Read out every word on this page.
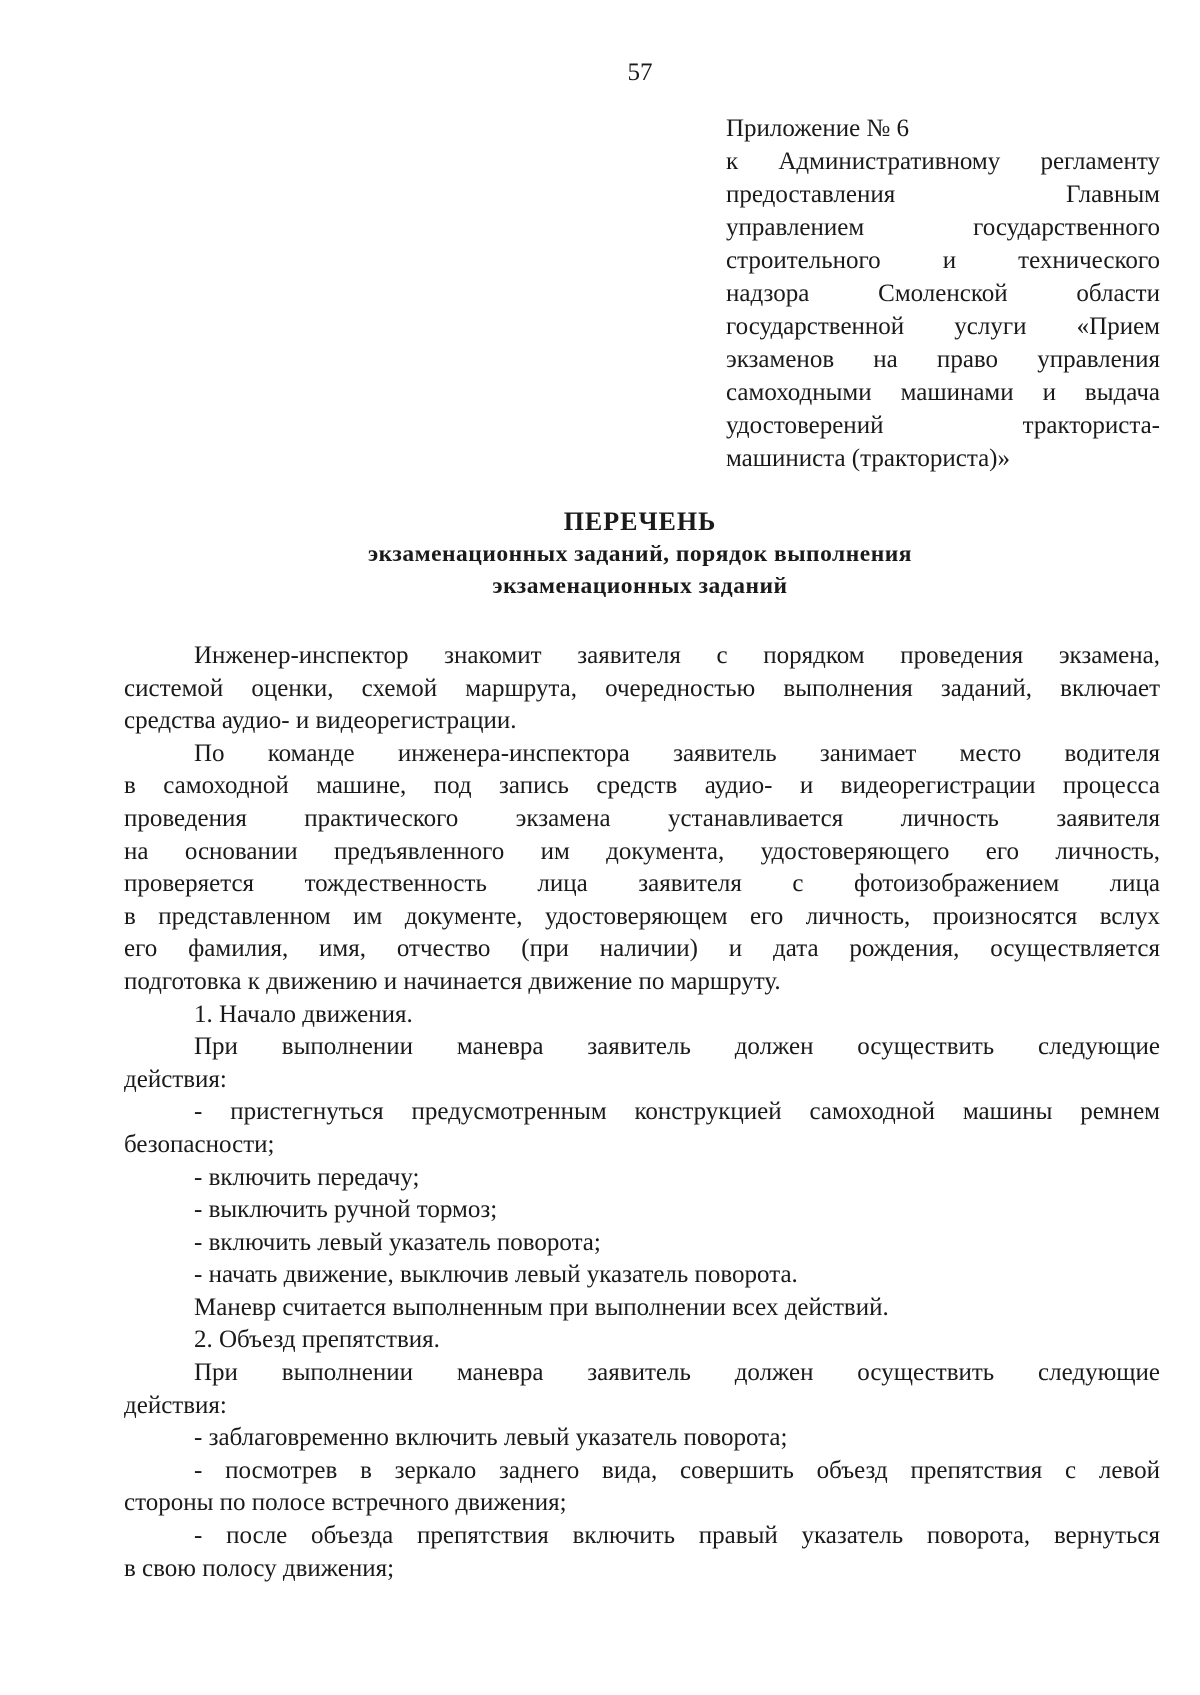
57
Приложение № 6
к Административному регламенту
предоставления Главным
управлением государственного
строительного и технического
надзора Смоленской области
государственной услуги «Прием
экзаменов на право управления
самоходными машинами и выдача
удостоверений тракториста-
машиниста (тракториста)»
ПЕРЕЧЕНЬ
экзаменационных заданий, порядок выполнения
экзаменационных заданий
Инженер-инспектор знакомит заявителя с порядком проведения экзамена,
системой оценки, схемой маршрута, очередностью выполнения заданий, включает
средства аудио- и видеорегистрации.
По команде инженера-инспектора заявитель занимает место водителя
в самоходной машине, под запись средств аудио- и видеорегистрации процесса
проведения практического экзамена устанавливается личность заявителя
на основании предъявленного им документа, удостоверяющего его личность,
проверяется тождественность лица заявителя с фотоизображением лица
в представленном им документе, удостоверяющем его личность, произносятся вслух
его фамилия, имя, отчество (при наличии) и дата рождения, осуществляется
подготовка к движению и начинается движение по маршруту.
1. Начало движения.
При выполнении маневра заявитель должен осуществить следующие
действия:
- пристегнуться предусмотренным конструкцией самоходной машины ремнем
безопасности;
- включить передачу;
- выключить ручной тормоз;
- включить левый указатель поворота;
- начать движение, выключив левый указатель поворота.
Маневр считается выполненным при выполнении всех действий.
2. Объезд препятствия.
При выполнении маневра заявитель должен осуществить следующие
действия:
- заблаговременно включить левый указатель поворота;
- посмотрев в зеркало заднего вида, совершить объезд препятствия с левой
стороны по полосе встречного движения;
- после объезда препятствия включить правый указатель поворота, вернуться
в свою полосу движения;
